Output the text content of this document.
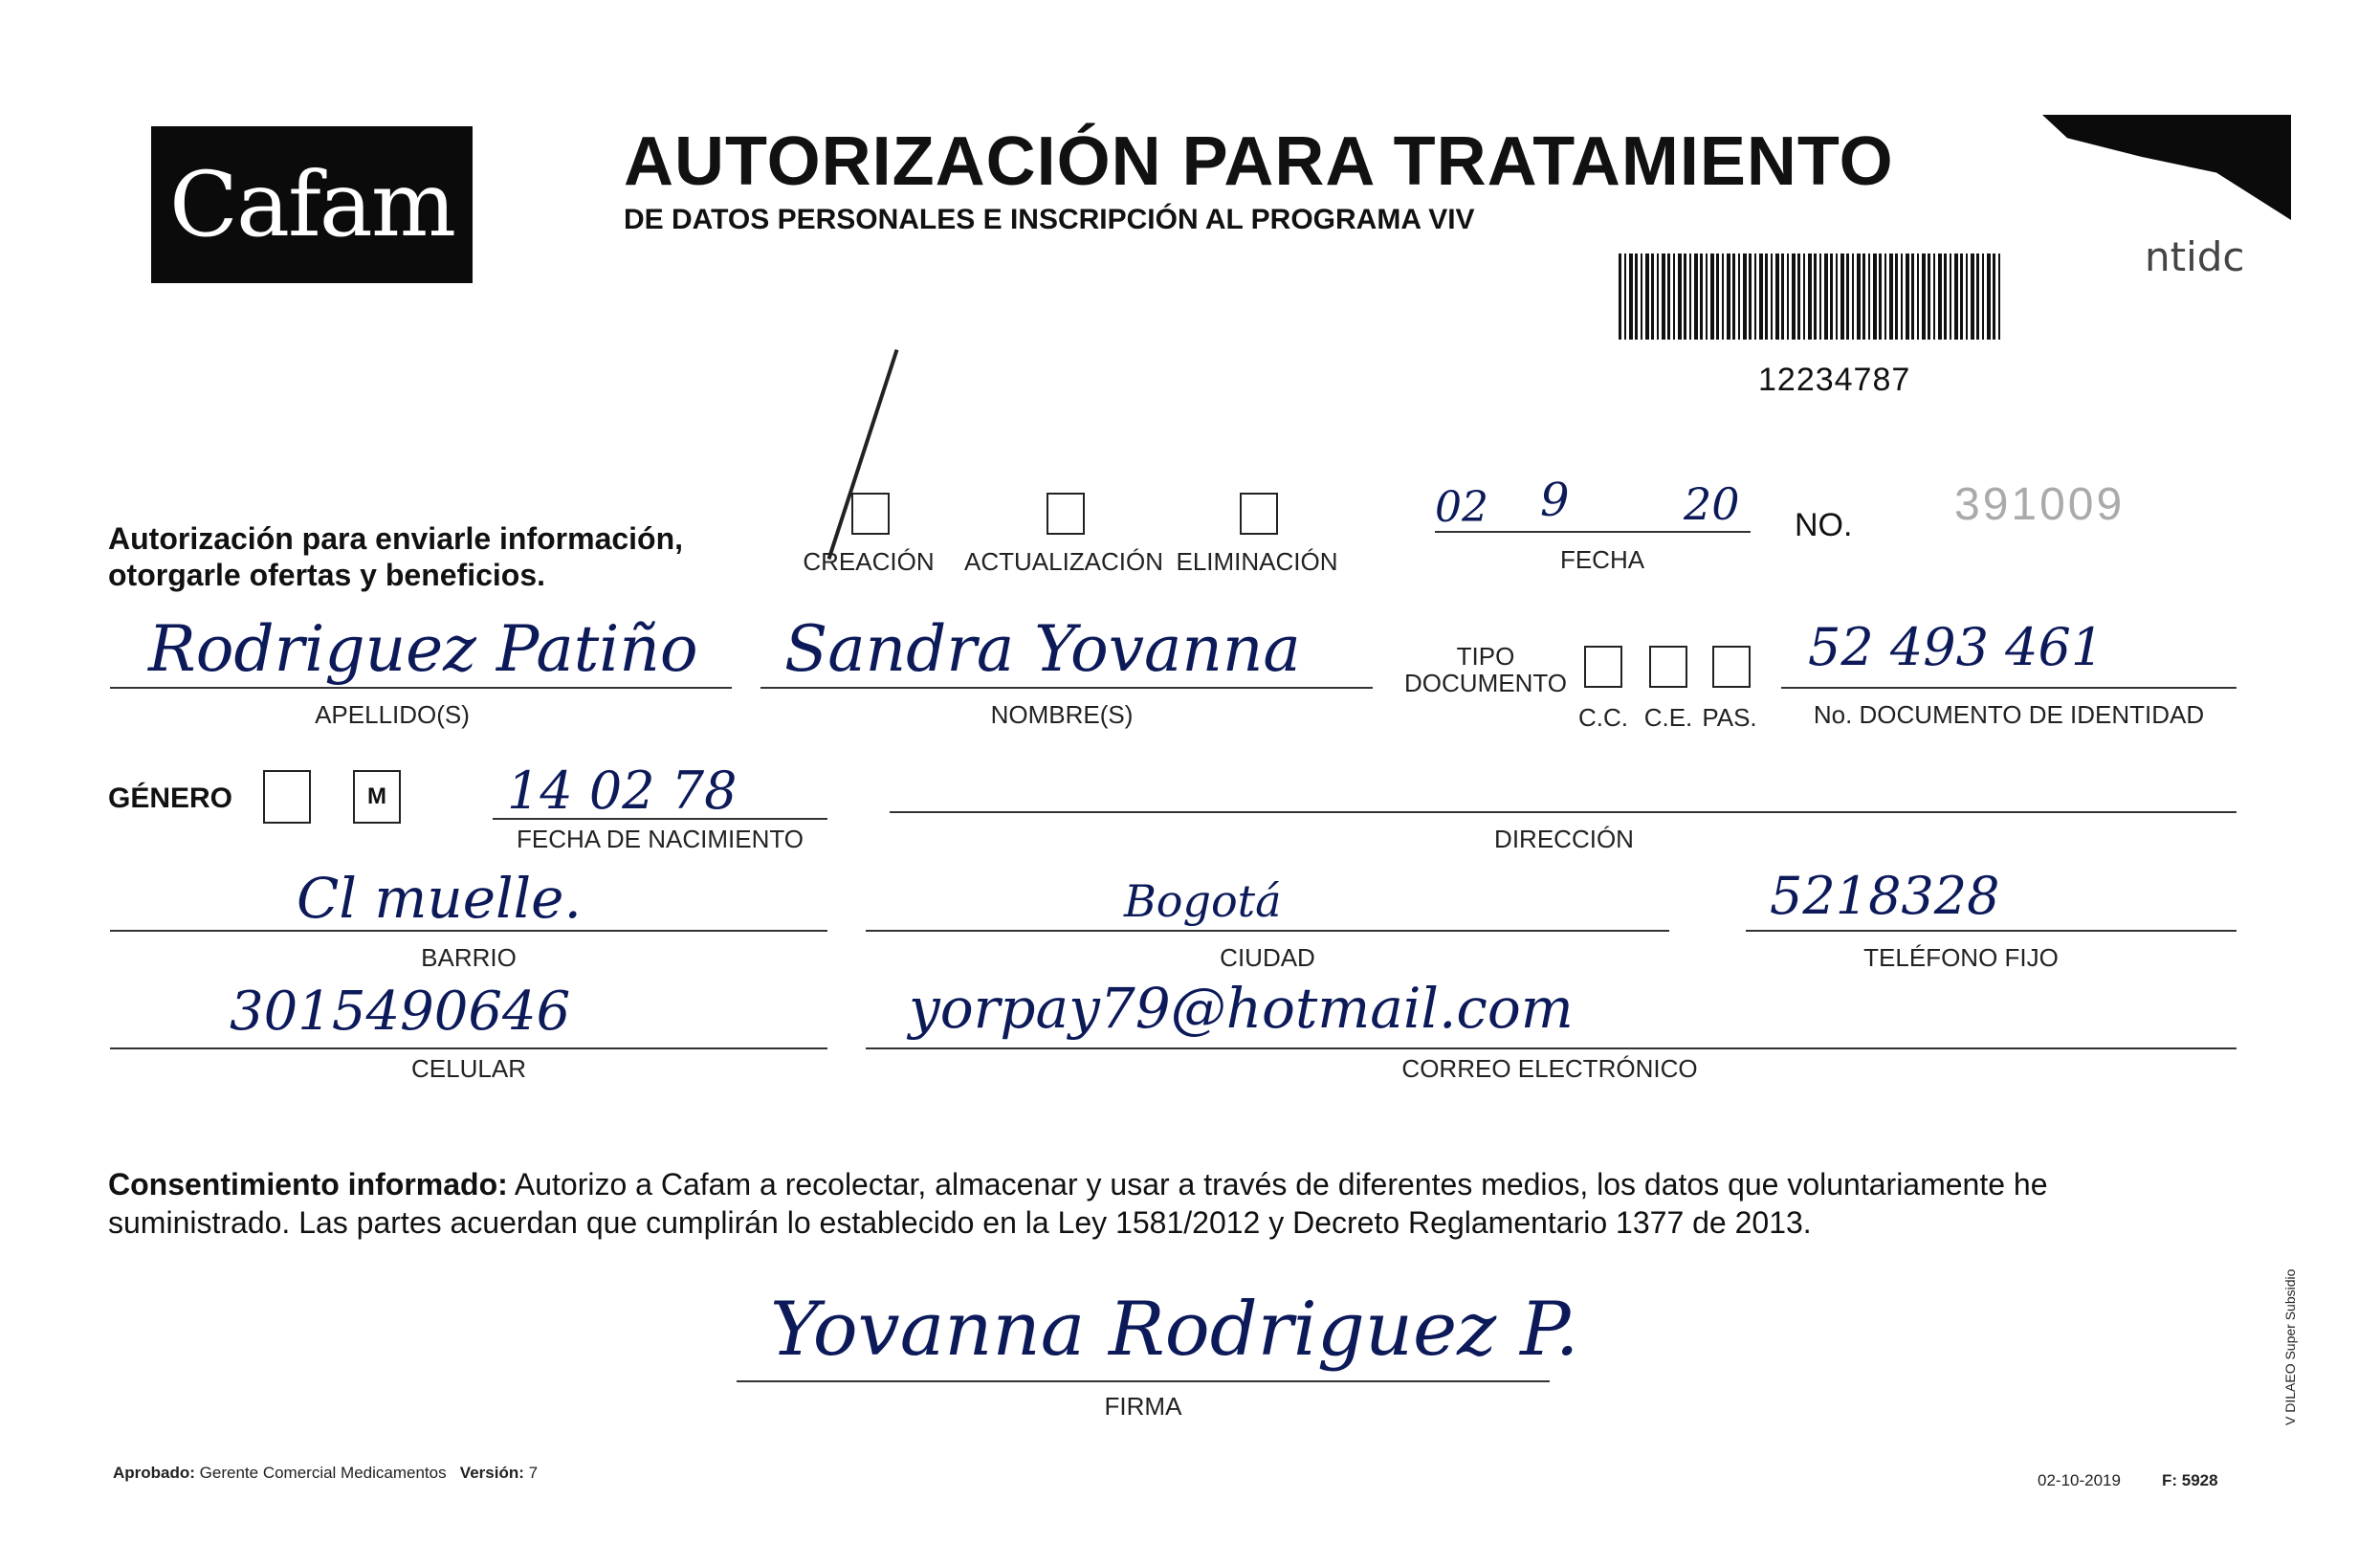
Cafam AUTORIZACIÓN PARA TRATAMIENTO
DE DATOS PERSONALES E INSCRIPCIÓN AL PROGRAMA VIV
ntidc
12234787
Autorización para enviarle información, otorgarle ofertas y beneficios.	CREACIÓN ACTUALIZACIÓN ELIMINACIÓN
02 9	20
FECHA
NO. 391009
Rodriguez Patiño
APELLIDO(S)
Sandra Yovanna
NOMBRE(S)
TIPO DOCUMENTO
C.C. C.E. PAS.
52 493 461
No. DOCUMENTO DE IDENTIDAD
GÉNERO	M 14 02 78
FECHA DE NACIMIENTO	DIRECCIÓN
Cl muelle.
BARRIO
Bogotá
CIUDAD
5218328
TELÉFONO FIJO
3015490646
CELULAR
yorpay79@hotmail.com
CORREO ELECTRÓNICO
Consentimiento informado: Autorizo a Cafam a recolectar, almacenar y usar a través de diferentes medios, los datos que voluntariamente he suministrado. Las partes acuerdan que cumplirán lo establecido en la Ley 1581/2012 y Decreto Reglamentario 1377 de 2013.
Yovanna Rodriguez P.
FIRMA
Aprobado: Gerente Comercial Medicamentos Versión: 7	02-10-2019	F: 5928
V DILAEO Super Subsidio
